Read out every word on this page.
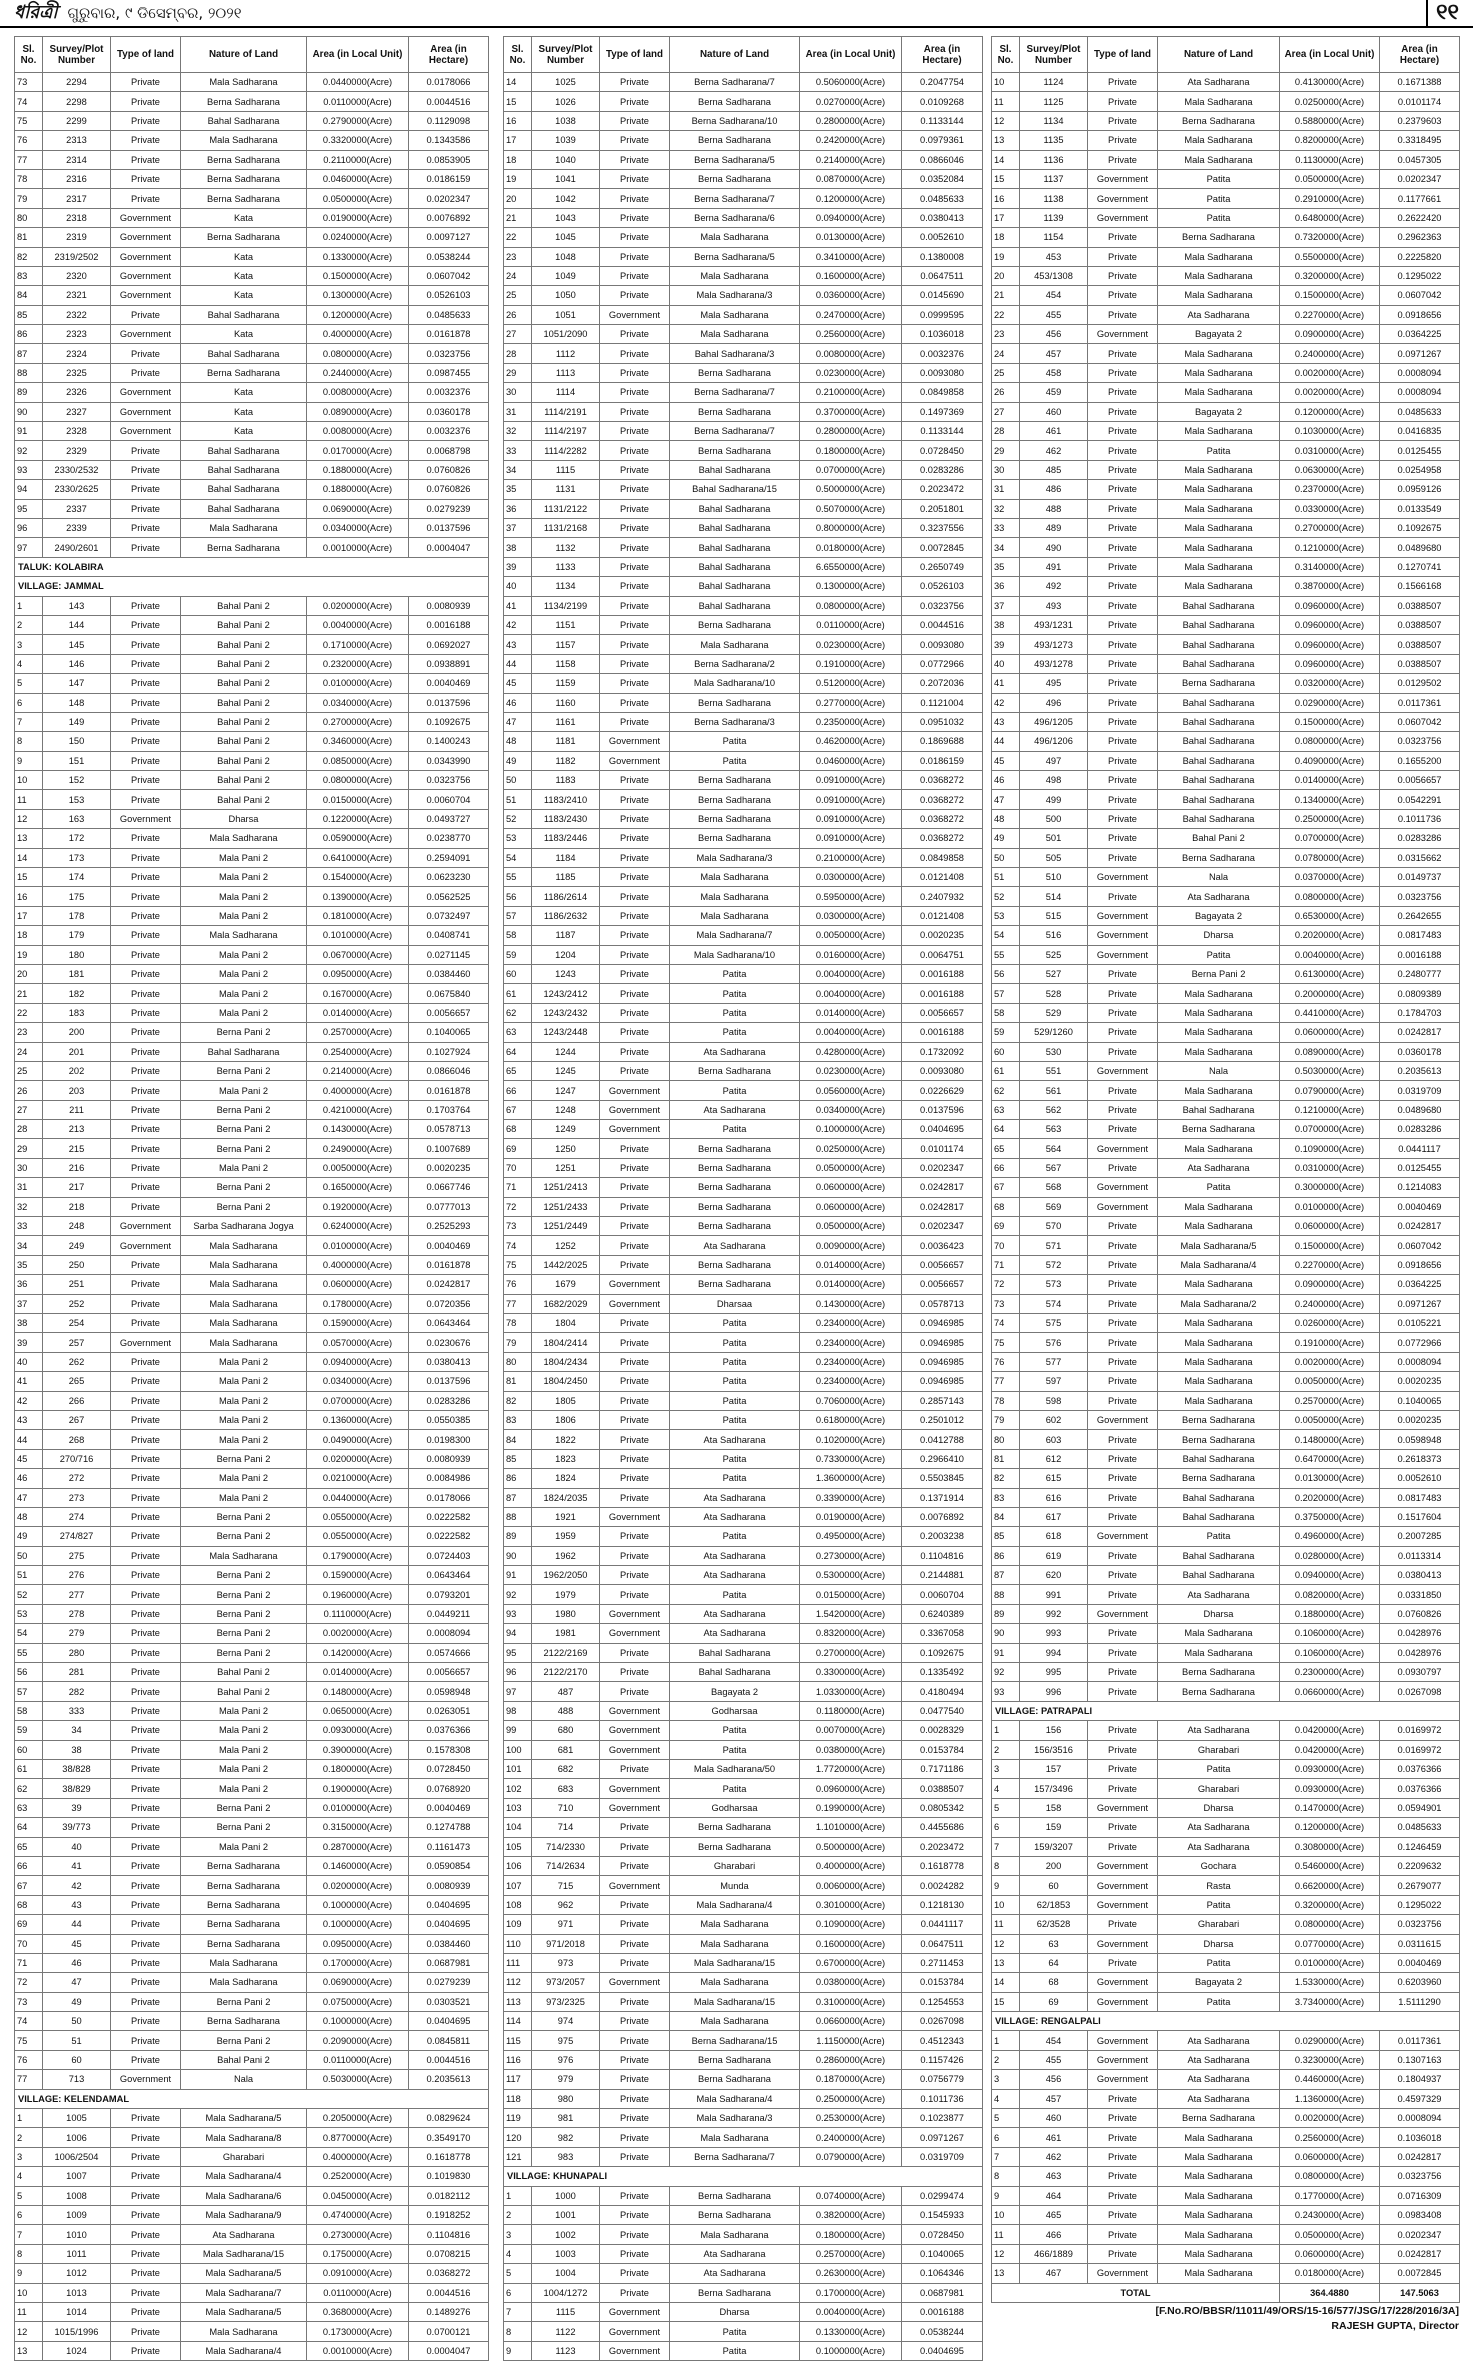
ধরিত্রী ଗୁରୁବାର, ୯ ଡିସେମ୍ବର, ୨୦୨୧	୧୧
Sl. No.	Survey/Plot Number	Type of land	Nature of Land	Area (in Local Unit)	Area (in Hectare)
73	2294	Private	Mala Sadharana	0.0440000(Acre)	0.0178066
74	2298	Private	Berna Sadharana	0.0110000(Acre)	0.0044516
75	2299	Private	Bahal Sadharana	0.2790000(Acre)	0.1129098
76	2313	Private	Mala Sadharana	0.3320000(Acre)	0.1343586
77	2314	Private	Berna Sadharana	0.2110000(Acre)	0.0853905
78	2316	Private	Berna Sadharana	0.0460000(Acre)	0.0186159
79	2317	Private	Berna Sadharana	0.0500000(Acre)	0.0202347
80	2318	Government	Kata	0.0190000(Acre)	0.0076892
81	2319	Government	Berna Sadharana	0.0240000(Acre)	0.0097127
82	2319/2502	Government	Kata	0.1330000(Acre)	0.0538244
83	2320	Government	Kata	0.1500000(Acre)	0.0607042
84	2321	Government	Kata	0.1300000(Acre)	0.0526103
85	2322	Private	Bahal Sadharana	0.1200000(Acre)	0.0485633
86	2323	Government	Kata	0.4000000(Acre)	0.0161878
87	2324	Private	Bahal Sadharana	0.0800000(Acre)	0.0323756
88	2325	Private	Berna Sadharana	0.2440000(Acre)	0.0987455
89	2326	Government	Kata	0.0080000(Acre)	0.0032376
90	2327	Government	Kata	0.0890000(Acre)	0.0360178
91	2328	Government	Kata	0.0080000(Acre)	0.0032376
92	2329	Private	Bahal Sadharana	0.0170000(Acre)	0.0068798
93	2330/2532	Private	Bahal Sadharana	0.1880000(Acre)	0.0760826
94	2330/2625	Private	Bahal Sadharana	0.1880000(Acre)	0.0760826
95	2337	Private	Bahal Sadharana	0.0690000(Acre)	0.0279239
96	2339	Private	Mala Sadharana	0.0340000(Acre)	0.0137596
97	2490/2601	Private	Berna Sadharana	0.0010000(Acre)	0.0004047
TALUK: KOLABIRA					
VILLAGE: JAMMAL					
1	143	Private	Bahal Pani 2	0.0200000(Acre)	0.0080939
2	144	Private	Bahal Pani 2	0.0040000(Acre)	0.0016188
3	145	Private	Bahal Pani 2	0.1710000(Acre)	0.0692027
4	146	Private	Bahal Pani 2	0.2320000(Acre)	0.0938891
5	147	Private	Bahal Pani 2	0.0100000(Acre)	0.0040469
6	148	Private	Bahal Pani 2	0.0340000(Acre)	0.0137596
7	149	Private	Bahal Pani 2	0.2700000(Acre)	0.1092675
8	150	Private	Bahal Pani 2	0.3460000(Acre)	0.1400243
9	151	Private	Bahal Pani 2	0.0850000(Acre)	0.0343990
10	152	Private	Bahal Pani 2	0.0800000(Acre)	0.0323756
11	153	Private	Bahal Pani 2	0.0150000(Acre)	0.0060704
12	163	Government	Dharsa	0.1220000(Acre)	0.0493727
13	172	Private	Mala Sadharana	0.0590000(Acre)	0.0238770
14	173	Private	Mala Pani 2	0.6410000(Acre)	0.2594091
15	174	Private	Mala Pani 2	0.1540000(Acre)	0.0623230
16	175	Private	Mala Pani 2	0.1390000(Acre)	0.0562525
17	178	Private	Mala Pani 2	0.1810000(Acre)	0.0732497
18	179	Private	Mala Sadharana	0.1010000(Acre)	0.0408741
19	180	Private	Mala Pani 2	0.0670000(Acre)	0.0271145
20	181	Private	Mala Pani 2	0.0950000(Acre)	0.0384460
21	182	Private	Mala Pani 2	0.1670000(Acre)	0.0675840
22	183	Private	Mala Pani 2	0.0140000(Acre)	0.0056657
23	200	Private	Berna Pani 2	0.2570000(Acre)	0.1040065
24	201	Private	Bahal Sadharana	0.2540000(Acre)	0.1027924
25	202	Private	Berna Pani 2	0.2140000(Acre)	0.0866046
26	203	Private	Mala Pani 2	0.4000000(Acre)	0.0161878
27	211	Private	Berna Pani 2	0.4210000(Acre)	0.1703764
28	213	Private	Berna Pani 2	0.1430000(Acre)	0.0578713
29	215	Private	Berna Pani 2	0.2490000(Acre)	0.1007689
30	216	Private	Mala Pani 2	0.0050000(Acre)	0.0020235
31	217	Private	Berna Pani 2	0.1650000(Acre)	0.0667746
32	218	Private	Berna Pani 2	0.1920000(Acre)	0.0777013
33	248	Government	Sarba Sadharana Jogya	0.6240000(Acre)	0.2525293
34	249	Government	Mala Sadharana	0.0100000(Acre)	0.0040469
35	250	Private	Mala Sadharana	0.4000000(Acre)	0.0161878
36	251	Private	Mala Sadharana	0.0600000(Acre)	0.0242817
37	252	Private	Mala Sadharana	0.1780000(Acre)	0.0720356
38	254	Private	Mala Sadharana	0.1590000(Acre)	0.0643464
39	257	Government	Mala Sadharana	0.0570000(Acre)	0.0230676
40	262	Private	Mala Pani 2	0.0940000(Acre)	0.0380413
41	265	Private	Mala Pani 2	0.0340000(Acre)	0.0137596
42	266	Private	Mala Pani 2	0.0700000(Acre)	0.0283286
43	267	Private	Mala Pani 2	0.1360000(Acre)	0.0550385
44	268	Private	Mala Pani 2	0.0490000(Acre)	0.0198300
45	270/716	Private	Berna Pani 2	0.0200000(Acre)	0.0080939
46	272	Private	Mala Pani 2	0.0210000(Acre)	0.0084986
47	273	Private	Mala Pani 2	0.0440000(Acre)	0.0178066
48	274	Private	Berna Pani 2	0.0550000(Acre)	0.0222582
49	274/827	Private	Berna Pani 2	0.0550000(Acre)	0.0222582
50	275	Private	Mala Sadharana	0.1790000(Acre)	0.0724403
51	276	Private	Berna Pani 2	0.1590000(Acre)	0.0643464
52	277	Private	Berna Pani 2	0.1960000(Acre)	0.0793201
53	278	Private	Berna Pani 2	0.1110000(Acre)	0.0449211
54	279	Private	Berna Pani 2	0.0020000(Acre)	0.0008094
55	280	Private	Berna Pani 2	0.1420000(Acre)	0.0574666
56	281	Private	Bahal Pani 2	0.0140000(Acre)	0.0056657
57	282	Private	Bahal Pani 2	0.1480000(Acre)	0.0598948
58	333	Private	Mala Pani 2	0.0650000(Acre)	0.0263051
59	34	Private	Mala Pani 2	0.0930000(Acre)	0.0376366
60	38	Private	Mala Pani 2	0.3900000(Acre)	0.1578308
61	38/828	Private	Mala Pani 2	0.1800000(Acre)	0.0728450
62	38/829	Private	Mala Pani 2	0.1900000(Acre)	0.0768920
63	39	Private	Berna Pani 2	0.0100000(Acre)	0.0040469
64	39/773	Private	Berna Pani 2	0.3150000(Acre)	0.1274788
65	40	Private	Mala Pani 2	0.2870000(Acre)	0.1161473
66	41	Private	Berna Sadharana	0.1460000(Acre)	0.0590854
67	42	Private	Berna Sadharana	0.0200000(Acre)	0.0080939
68	43	Private	Berna Sadharana	0.1000000(Acre)	0.0404695
69	44	Private	Berna Sadharana	0.1000000(Acre)	0.0404695
70	45	Private	Berna Sadharana	0.0950000(Acre)	0.0384460
71	46	Private	Mala Sadharana	0.1700000(Acre)	0.0687981
72	47	Private	Mala Sadharana	0.0690000(Acre)	0.0279239
73	49	Private	Berna Pani 2	0.0750000(Acre)	0.0303521
74	50	Private	Berna Sadharana	0.1000000(Acre)	0.0404695
75	51	Private	Berna Pani 2	0.2090000(Acre)	0.0845811
76	60	Private	Bahal Pani 2	0.0110000(Acre)	0.0044516
77	713	Government	Nala	0.5030000(Acre)	0.2035613
VILLAGE: KELENDAMAL					
1	1005	Private	Mala Sadharana/5	0.2050000(Acre)	0.0829624
2	1006	Private	Mala Sadharana/8	0.8770000(Acre)	0.3549170
3	1006/2504	Private	Gharabari	0.4000000(Acre)	0.1618778
4	1007	Private	Mala Sadharana/4	0.2520000(Acre)	0.1019830
5	1008	Private	Mala Sadharana/6	0.0450000(Acre)	0.0182112
6	1009	Private	Mala Sadharana/9	0.4740000(Acre)	0.1918252
7	1010	Private	Ata Sadharana	0.2730000(Acre)	0.1104816
8	1011	Private	Mala Sadharana/15	0.1750000(Acre)	0.0708215
9	1012	Private	Mala Sadharana/5	0.0910000(Acre)	0.0368272
10	1013	Private	Mala Sadharana/7	0.0110000(Acre)	0.0044516
11	1014	Private	Mala Sadharana/5	0.3680000(Acre)	0.1489276
12	1015/1996	Private	Mala Sadharana	0.1730000(Acre)	0.0700121
13	1024	Private	Mala Sadharana/4	0.0010000(Acre)	0.0004047
Sl. No.	Survey/Plot Number	Type of land	Nature of Land	Area (in Local Unit)	Area (in Hectare)
14	1025	Private	Berna Sadharana/7	0.5060000(Acre)	0.2047754
15	1026	Private	Berna Sadharana	0.0270000(Acre)	0.0109268
16	1038	Private	Berna Sadharana/10	0.2800000(Acre)	0.1133144
17	1039	Private	Berna Sadharana	0.2420000(Acre)	0.0979361
18	1040	Private	Berna Sadharana/5	0.2140000(Acre)	0.0866046
19	1041	Private	Berna Sadharana	0.0870000(Acre)	0.0352084
20	1042	Private	Berna Sadharana/7	0.1200000(Acre)	0.0485633
21	1043	Private	Berna Sadharana/6	0.0940000(Acre)	0.0380413
22	1045	Private	Mala Sadharana	0.0130000(Acre)	0.0052610
23	1048	Private	Berna Sadharana/5	0.3410000(Acre)	0.1380008
24	1049	Private	Mala Sadharana	0.1600000(Acre)	0.0647511
25	1050	Private	Mala Sadharana/3	0.0360000(Acre)	0.0145690
26	1051	Government	Mala Sadharana	0.2470000(Acre)	0.0999595
27	1051/2090	Private	Mala Sadharana	0.2560000(Acre)	0.1036018
28	1112	Private	Bahal Sadharana/3	0.0080000(Acre)	0.0032376
29	1113	Private	Berna Sadharana	0.0230000(Acre)	0.0093080
30	1114	Private	Berna Sadharana/7	0.2100000(Acre)	0.0849858
31	1114/2191	Private	Berna Sadharana	0.3700000(Acre)	0.1497369
32	1114/2197	Private	Berna Sadharana/7	0.2800000(Acre)	0.1133144
33	1114/2282	Private	Berna Sadharana	0.1800000(Acre)	0.0728450
34	1115	Private	Bahal Sadharana	0.0700000(Acre)	0.0283286
35	1131	Private	Bahal Sadharana/15	0.5000000(Acre)	0.2023472
36	1131/2122	Private	Bahal Sadharana	0.5070000(Acre)	0.2051801
37	1131/2168	Private	Bahal Sadharana	0.8000000(Acre)	0.3237556
38	1132	Private	Bahal Sadharana	0.0180000(Acre)	0.0072845
39	1133	Private	Bahal Sadharana	6.6550000(Acre)	0.2650749
40	1134	Private	Bahal Sadharana	0.1300000(Acre)	0.0526103
41	1134/2199	Private	Bahal Sadharana	0.0800000(Acre)	0.0323756
42	1151	Private	Berna Sadharana	0.0110000(Acre)	0.0044516
43	1157	Private	Mala Sadharana	0.0230000(Acre)	0.0093080
44	1158	Private	Berna Sadharana/2	0.1910000(Acre)	0.0772966
45	1159	Private	Mala Sadharana/10	0.5120000(Acre)	0.2072036
46	1160	Private	Berna Sadharana	0.2770000(Acre)	0.1121004
47	1161	Private	Berna Sadharana/3	0.2350000(Acre)	0.0951032
48	1181	Government	Patita	0.4620000(Acre)	0.1869688
49	1182	Government	Patita	0.0460000(Acre)	0.0186159
50	1183	Private	Berna Sadharana	0.0910000(Acre)	0.0368272
51	1183/2410	Private	Berna Sadharana	0.0910000(Acre)	0.0368272
52	1183/2430	Private	Berna Sadharana	0.0910000(Acre)	0.0368272
53	1183/2446	Private	Berna Sadharana	0.0910000(Acre)	0.0368272
54	1184	Private	Mala Sadharana/3	0.2100000(Acre)	0.0849858
55	1185	Private	Mala Sadharana	0.0300000(Acre)	0.0121408
56	1186/2614	Private	Mala Sadharana	0.5950000(Acre)	0.2407932
57	1186/2632	Private	Mala Sadharana	0.0300000(Acre)	0.0121408
58	1187	Private	Mala Sadharana/7	0.0050000(Acre)	0.0020235
59	1204	Private	Mala Sadharana/10	0.0160000(Acre)	0.0064751
60	1243	Private	Patita	0.0040000(Acre)	0.0016188
61	1243/2412	Private	Patita	0.0040000(Acre)	0.0016188
62	1243/2432	Private	Patita	0.0140000(Acre)	0.0056657
63	1243/2448	Private	Patita	0.0040000(Acre)	0.0016188
64	1244	Private	Ata Sadharana	0.4280000(Acre)	0.1732092
65	1245	Private	Berna Sadharana	0.0230000(Acre)	0.0093080
66	1247	Government	Patita	0.0560000(Acre)	0.0226629
67	1248	Government	Ata Sadharana	0.0340000(Acre)	0.0137596
68	1249	Government	Patita	0.1000000(Acre)	0.0404695
69	1250	Private	Berna Sadharana	0.0250000(Acre)	0.0101174
70	1251	Private	Berna Sadharana	0.0500000(Acre)	0.0202347
71	1251/2413	Private	Berna Sadharana	0.0600000(Acre)	0.0242817
72	1251/2433	Private	Berna Sadharana	0.0600000(Acre)	0.0242817
73	1251/2449	Private	Berna Sadharana	0.0500000(Acre)	0.0202347
74	1252	Private	Ata Sadharana	0.0090000(Acre)	0.0036423
75	1442/2025	Private	Berna Sadharana	0.0140000(Acre)	0.0056657
76	1679	Government	Berna Sadharana	0.0140000(Acre)	0.0056657
77	1682/2029	Government	Dharsaa	0.1430000(Acre)	0.0578713
78	1804	Private	Patita	0.2340000(Acre)	0.0946985
79	1804/2414	Private	Patita	0.2340000(Acre)	0.0946985
80	1804/2434	Private	Patita	0.2340000(Acre)	0.0946985
81	1804/2450	Private	Patita	0.2340000(Acre)	0.0946985
82	1805	Private	Patita	0.7060000(Acre)	0.2857143
83	1806	Private	Patita	0.6180000(Acre)	0.2501012
84	1822	Private	Ata Sadharana	0.1020000(Acre)	0.0412788
85	1823	Private	Patita	0.7330000(Acre)	0.2966410
86	1824	Private	Patita	1.3600000(Acre)	0.5503845
87	1824/2035	Private	Ata Sadharana	0.3390000(Acre)	0.1371914
88	1921	Government	Ata Sadharana	0.0190000(Acre)	0.0076892
89	1959	Private	Patita	0.4950000(Acre)	0.2003238
90	1962	Private	Ata Sadharana	0.2730000(Acre)	0.1104816
91	1962/2050	Private	Ata Sadharana	0.5300000(Acre)	0.2144881
92	1979	Private	Patita	0.0150000(Acre)	0.0060704
93	1980	Government	Ata Sadharana	1.5420000(Acre)	0.6240389
94	1981	Government	Ata Sadharana	0.8320000(Acre)	0.3367058
95	2122/2169	Private	Bahal Sadharana	0.2700000(Acre)	0.1092675
96	2122/2170	Private	Bahal Sadharana	0.3300000(Acre)	0.1335492
97	487	Private	Bagayata 2	1.0330000(Acre)	0.4180494
98	488	Government	Godharsaa	0.1180000(Acre)	0.0477540
99	680	Government	Patita	0.0070000(Acre)	0.0028329
100	681	Government	Patita	0.0380000(Acre)	0.0153784
101	682	Private	Mala Sadharana/50	1.7720000(Acre)	0.7171186
102	683	Government	Patita	0.0960000(Acre)	0.0388507
103	710	Government	Godharsaa	0.1990000(Acre)	0.0805342
104	714	Private	Berna Sadharana	1.1010000(Acre)	0.4455686
105	714/2330	Private	Berna Sadharana	0.5000000(Acre)	0.2023472
106	714/2634	Private	Gharabari	0.4000000(Acre)	0.1618778
107	715	Government	Munda	0.0060000(Acre)	0.0024282
108	962	Private	Mala Sadharana/4	0.3010000(Acre)	0.1218130
109	971	Private	Mala Sadharana	0.1090000(Acre)	0.0441117
110	971/2018	Private	Mala Sadharana	0.1600000(Acre)	0.0647511
111	973	Private	Mala Sadharana/15	0.6700000(Acre)	0.2711453
112	973/2057	Government	Mala Sadharana	0.0380000(Acre)	0.0153784
113	973/2325	Private	Mala Sadharana/15	0.3100000(Acre)	0.1254553
114	974	Private	Mala Sadharana	0.0660000(Acre)	0.0267098
115	975	Private	Berna Sadharana/15	1.1150000(Acre)	0.4512343
116	976	Private	Berna Sadharana	0.2860000(Acre)	0.1157426
117	979	Private	Berna Sadharana	0.1870000(Acre)	0.0756779
118	980	Private	Mala Sadharana/4	0.2500000(Acre)	0.1011736
119	981	Private	Mala Sadharana/3	0.2530000(Acre)	0.1023877
120	982	Private	Mala Sadharana	0.2400000(Acre)	0.0971267
121	983	Private	Berna Sadharana/7	0.0790000(Acre)	0.0319709
VILLAGE: KHUNAPALI					
1	1000	Private	Berna Sadharana	0.0740000(Acre)	0.0299474
2	1001	Private	Berna Sadharana	0.3820000(Acre)	0.1545933
3	1002	Private	Mala Sadharana	0.1800000(Acre)	0.0728450
4	1003	Private	Ata Sadharana	0.2570000(Acre)	0.1040065
5	1004	Private	Ata Sadharana	0.2630000(Acre)	0.1064346
6	1004/1272	Private	Berna Sadharana	0.1700000(Acre)	0.0687981
7	1115	Government	Dharsa	0.0040000(Acre)	0.0016188
8	1122	Government	Patita	0.1330000(Acre)	0.0538244
9	1123	Government	Patita	0.1000000(Acre)	0.0404695
Sl. No.	Survey/Plot Number	Type of land	Nature of Land	Area (in Local Unit)	Area (in Hectare)
10	1124	Private	Ata Sadharana	0.4130000(Acre)	0.1671388
11	1125	Private	Mala Sadharana	0.0250000(Acre)	0.0101174
12	1134	Private	Berna Sadharana	0.5880000(Acre)	0.2379603
13	1135	Private	Mala Sadharana	0.8200000(Acre)	0.3318495
14	1136	Private	Mala Sadharana	0.1130000(Acre)	0.0457305
15	1137	Government	Patita	0.0500000(Acre)	0.0202347
16	1138	Government	Patita	0.2910000(Acre)	0.1177661
17	1139	Government	Patita	0.6480000(Acre)	0.2622420
18	1154	Private	Berna Sadharana	0.7320000(Acre)	0.2962363
19	453	Private	Mala Sadharana	0.5500000(Acre)	0.2225820
20	453/1308	Private	Mala Sadharana	0.3200000(Acre)	0.1295022
21	454	Private	Mala Sadharana	0.1500000(Acre)	0.0607042
22	455	Private	Ata Sadharana	0.2270000(Acre)	0.0918656
23	456	Government	Bagayata 2	0.0900000(Acre)	0.0364225
24	457	Private	Mala Sadharana	0.2400000(Acre)	0.0971267
25	458	Private	Mala Sadharana	0.0020000(Acre)	0.0008094
26	459	Private	Mala Sadharana	0.0020000(Acre)	0.0008094
27	460	Private	Bagayata 2	0.1200000(Acre)	0.0485633
28	461	Private	Mala Sadharana	0.1030000(Acre)	0.0416835
29	462	Private	Patita	0.0310000(Acre)	0.0125455
30	485	Private	Mala Sadharana	0.0630000(Acre)	0.0254958
31	486	Private	Mala Sadharana	0.2370000(Acre)	0.0959126
32	488	Private	Mala Sadharana	0.0330000(Acre)	0.0133549
33	489	Private	Mala Sadharana	0.2700000(Acre)	0.1092675
34	490	Private	Mala Sadharana	0.1210000(Acre)	0.0489680
35	491	Private	Mala Sadharana	0.3140000(Acre)	0.1270741
36	492	Private	Mala Sadharana	0.3870000(Acre)	0.1566168
37	493	Private	Bahal Sadharana	0.0960000(Acre)	0.0388507
38	493/1231	Private	Bahal Sadharana	0.0960000(Acre)	0.0388507
39	493/1273	Private	Bahal Sadharana	0.0960000(Acre)	0.0388507
40	493/1278	Private	Bahal Sadharana	0.0960000(Acre)	0.0388507
41	495	Private	Berna Sadharana	0.0320000(Acre)	0.0129502
42	496	Private	Bahal Sadharana	0.0290000(Acre)	0.0117361
43	496/1205	Private	Bahal Sadharana	0.1500000(Acre)	0.0607042
44	496/1206	Private	Bahal Sadharana	0.0800000(Acre)	0.0323756
45	497	Private	Bahal Sadharana	0.4090000(Acre)	0.1655200
46	498	Private	Bahal Sadharana	0.0140000(Acre)	0.0056657
47	499	Private	Bahal Sadharana	0.1340000(Acre)	0.0542291
48	500	Private	Bahal Sadharana	0.2500000(Acre)	0.1011736
49	501	Private	Bahal Pani 2	0.0700000(Acre)	0.0283286
50	505	Private	Berna Sadharana	0.0780000(Acre)	0.0315662
51	510	Government	Nala	0.0370000(Acre)	0.0149737
52	514	Private	Ata Sadharana	0.0800000(Acre)	0.0323756
53	515	Government	Bagayata 2	0.6530000(Acre)	0.2642655
54	516	Government	Dharsa	0.2020000(Acre)	0.0817483
55	525	Government	Patita	0.0040000(Acre)	0.0016188
56	527	Private	Berna Pani 2	0.6130000(Acre)	0.2480777
57	528	Private	Mala Sadharana	0.2000000(Acre)	0.0809389
58	529	Private	Mala Sadharana	0.4410000(Acre)	0.1784703
59	529/1260	Private	Mala Sadharana	0.0600000(Acre)	0.0242817
60	530	Private	Mala Sadharana	0.0890000(Acre)	0.0360178
61	551	Government	Nala	0.5030000(Acre)	0.2035613
62	561	Private	Mala Sadharana	0.0790000(Acre)	0.0319709
63	562	Private	Bahal Sadharana	0.1210000(Acre)	0.0489680
64	563	Private	Berna Sadharana	0.0700000(Acre)	0.0283286
65	564	Government	Mala Sadharana	0.1090000(Acre)	0.0441117
66	567	Private	Ata Sadharana	0.0310000(Acre)	0.0125455
67	568	Government	Patita	0.3000000(Acre)	0.1214083
68	569	Government	Mala Sadharana	0.0100000(Acre)	0.0040469
69	570	Private	Mala Sadharana	0.0600000(Acre)	0.0242817
70	571	Private	Mala Sadharana/5	0.1500000(Acre)	0.0607042
71	572	Private	Mala Sadharana/4	0.2270000(Acre)	0.0918656
72	573	Private	Mala Sadharana	0.0900000(Acre)	0.0364225
73	574	Private	Mala Sadharana/2	0.2400000(Acre)	0.0971267
74	575	Private	Mala Sadharana	0.0260000(Acre)	0.0105221
75	576	Private	Mala Sadharana	0.1910000(Acre)	0.0772966
76	577	Private	Mala Sadharana	0.0020000(Acre)	0.0008094
77	597	Private	Mala Sadharana	0.0050000(Acre)	0.0020235
78	598	Private	Mala Sadharana	0.2570000(Acre)	0.1040065
79	602	Government	Berna Sadharana	0.0050000(Acre)	0.0020235
80	603	Private	Berna Sadharana	0.1480000(Acre)	0.0598948
81	612	Private	Bahal Sadharana	0.6470000(Acre)	0.2618373
82	615	Private	Berna Sadharana	0.0130000(Acre)	0.0052610
83	616	Private	Bahal Sadharana	0.2020000(Acre)	0.0817483
84	617	Private	Bahal Sadharana	0.3750000(Acre)	0.1517604
85	618	Government	Patita	0.4960000(Acre)	0.2007285
86	619	Private	Bahal Sadharana	0.0280000(Acre)	0.0113314
87	620	Private	Bahal Sadharana	0.0940000(Acre)	0.0380413
88	991	Private	Ata Sadharana	0.0820000(Acre)	0.0331850
89	992	Government	Dharsa	0.1880000(Acre)	0.0760826
90	993	Private	Mala Sadharana	0.1060000(Acre)	0.0428976
91	994	Private	Mala Sadharana	0.1060000(Acre)	0.0428976
92	995	Private	Berna Sadharana	0.2300000(Acre)	0.0930797
93	996	Private	Berna Sadharana	0.0660000(Acre)	0.0267098
VILLAGE: PATRAPALI					
1	156	Private	Ata Sadharana	0.0420000(Acre)	0.0169972
2	156/3516	Private	Gharabari	0.0420000(Acre)	0.0169972
3	157	Private	Patita	0.0930000(Acre)	0.0376366
4	157/3496	Private	Gharabari	0.0930000(Acre)	0.0376366
5	158	Government	Dharsa	0.1470000(Acre)	0.0594901
6	159	Private	Ata Sadharana	0.1200000(Acre)	0.0485633
7	159/3207	Private	Ata Sadharana	0.3080000(Acre)	0.1246459
8	200	Government	Gochara	0.5460000(Acre)	0.2209632
9	60	Government	Rasta	0.6620000(Acre)	0.2679077
10	62/1853	Government	Patita	0.3200000(Acre)	0.1295022
11	62/3528	Private	Gharabari	0.0800000(Acre)	0.0323756
12	63	Government	Dharsa	0.0770000(Acre)	0.0311615
13	64	Private	Patita	0.0100000(Acre)	0.0040469
14	68	Government	Bagayata 2	1.5330000(Acre)	0.6203960
15	69	Government	Patita	3.7340000(Acre)	1.5111290
VILLAGE: RENGALPALI					
1	454	Government	Ata Sadharana	0.0290000(Acre)	0.0117361
2	455	Government	Ata Sadharana	0.3230000(Acre)	0.1307163
3	456	Government	Ata Sadharana	0.4460000(Acre)	0.1804937
4	457	Private	Ata Sadharana	1.1360000(Acre)	0.4597329
5	460	Private	Berna Sadharana	0.0020000(Acre)	0.0008094
6	461	Private	Mala Sadharana	0.2560000(Acre)	0.1036018
7	462	Private	Mala Sadharana	0.0600000(Acre)	0.0242817
8	463	Private	Mala Sadharana	0.0800000(Acre)	0.0323756
9	464	Private	Mala Sadharana	0.1770000(Acre)	0.0716309
10	465	Private	Mala Sadharana	0.2430000(Acre)	0.0983408
11	466	Private	Mala Sadharana	0.0500000(Acre)	0.0202347
12	466/1889	Private	Mala Sadharana	0.0600000(Acre)	0.0242817
13	467	Government	Mala Sadharana	0.0180000(Acre)	0.0072845
TOTAL				364.4880	147.5063
[F.No.RO/BBSR/11011/49/ORS/15-16/577/JSG/17/228/2016/3A]
RAJESH GUPTA, Director
